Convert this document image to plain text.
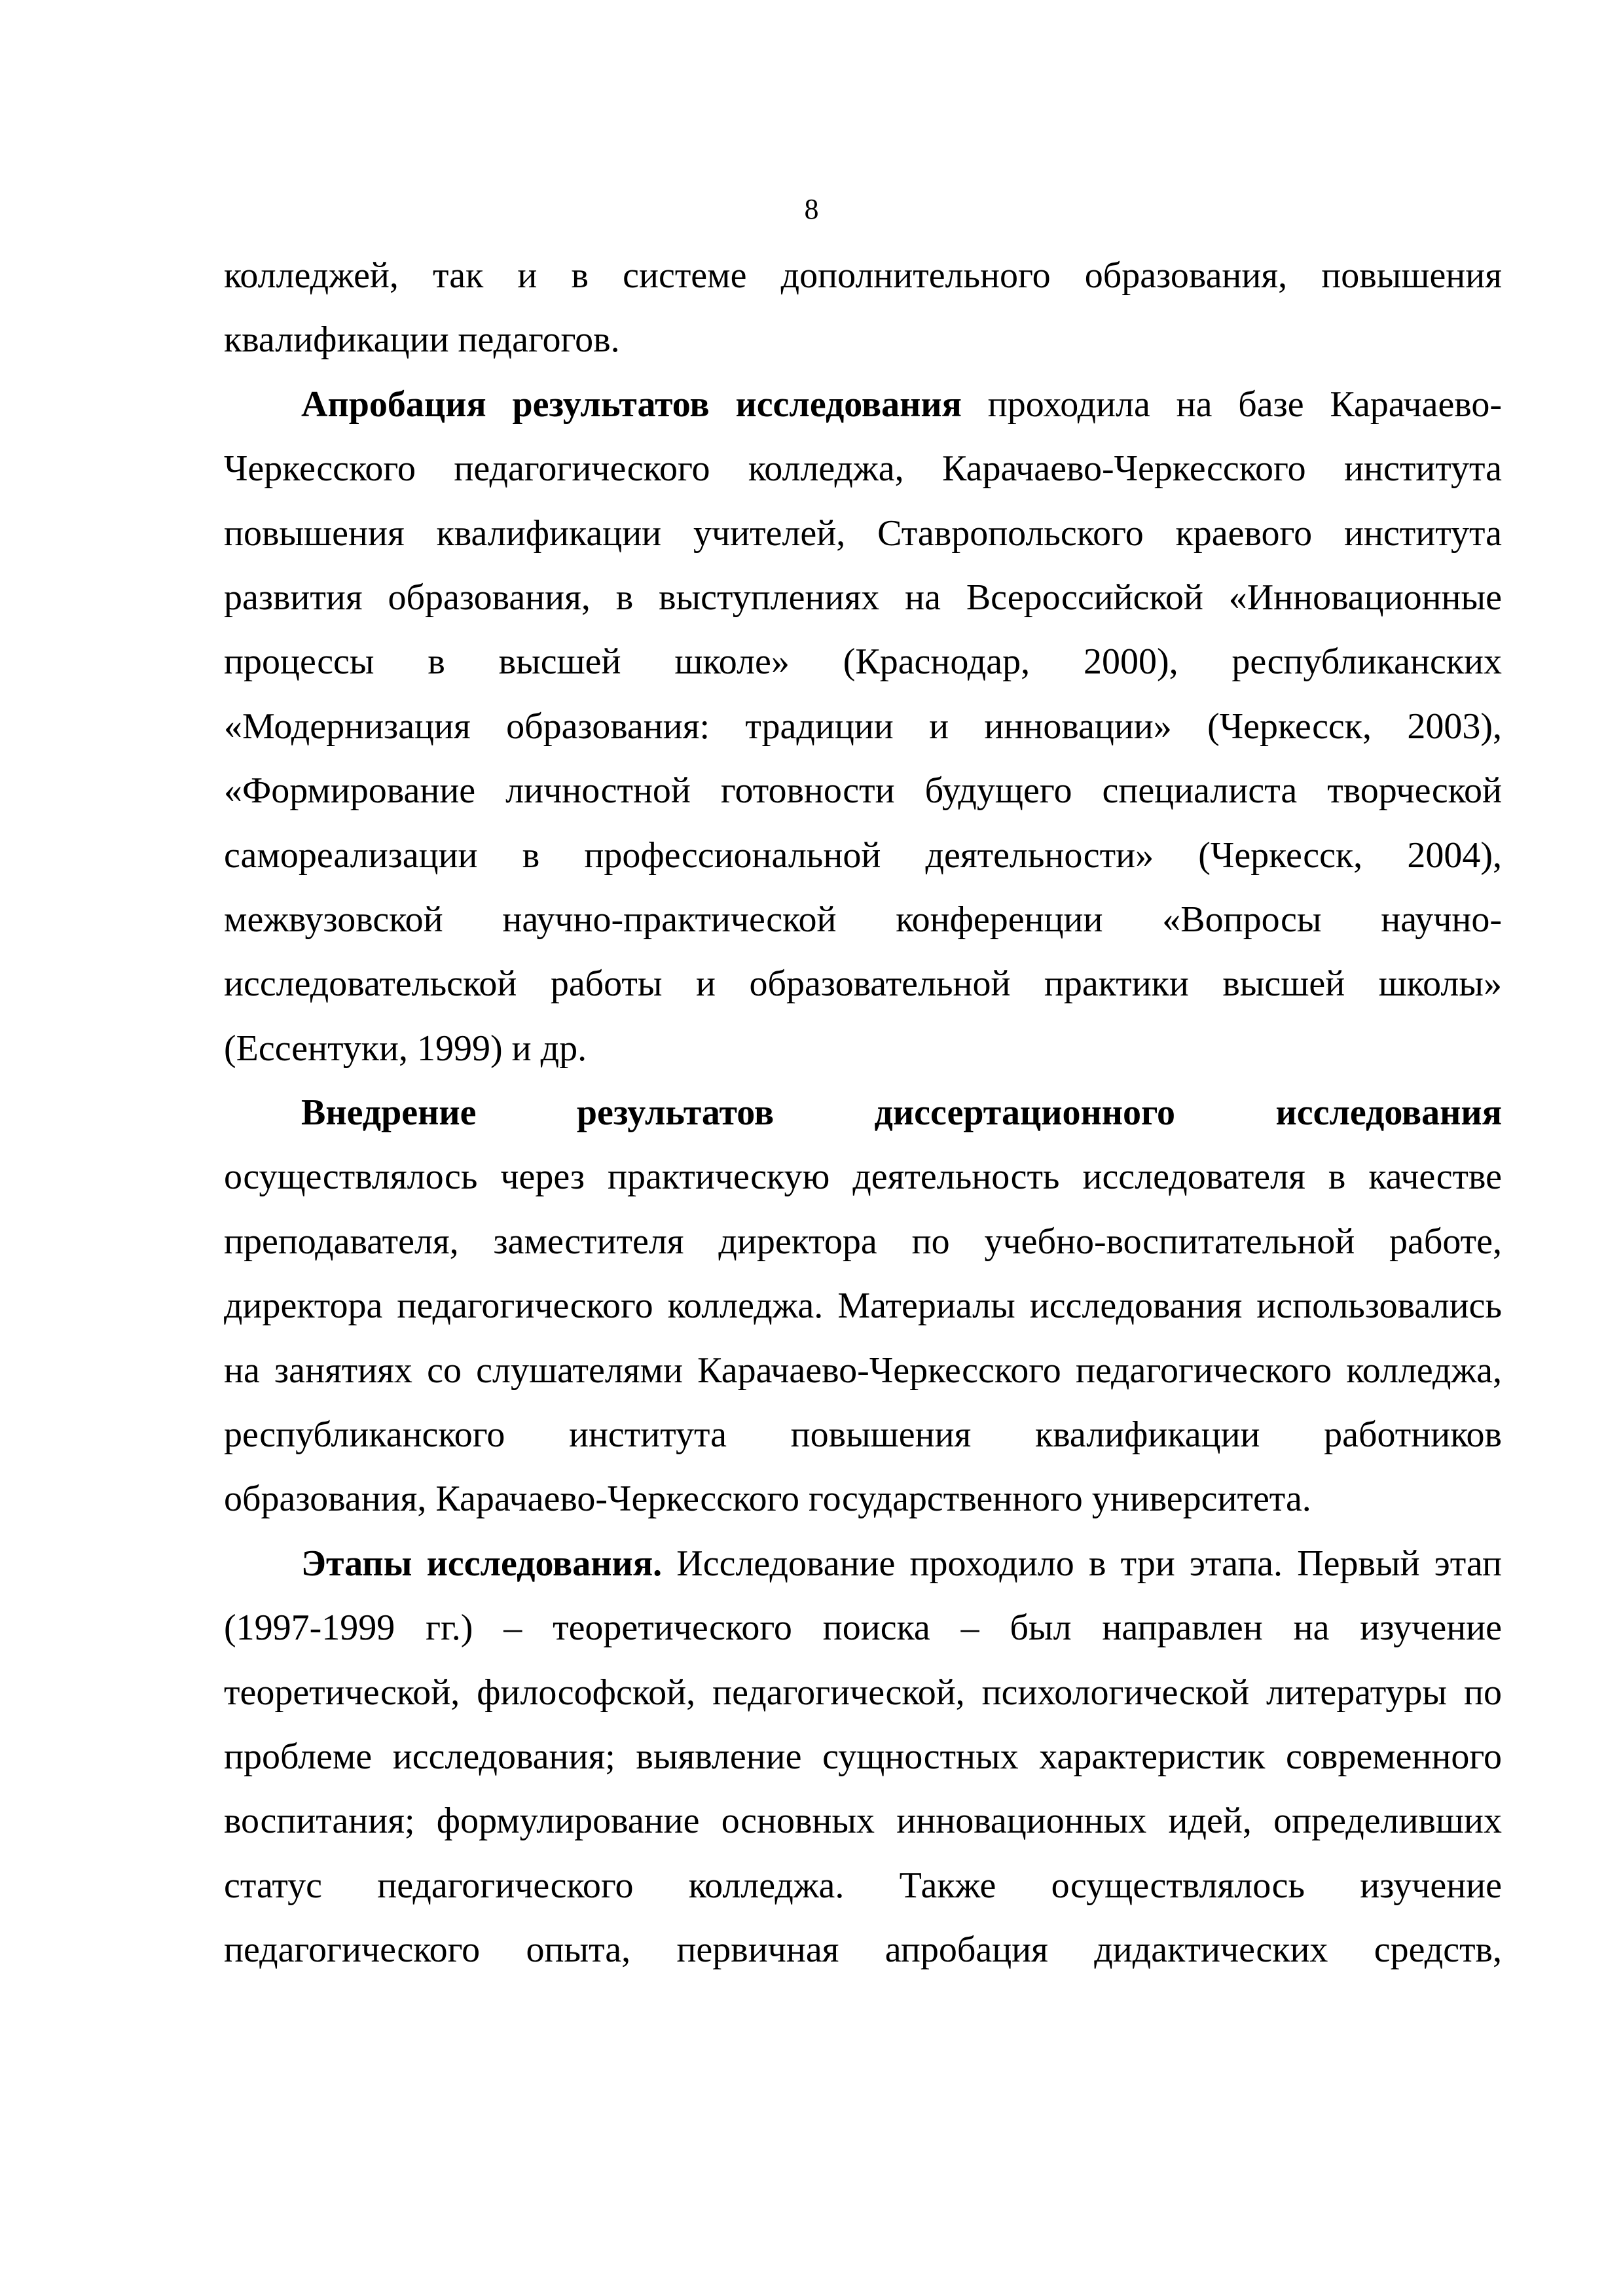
8
колледжей, так и в системе дополнительного образования, повышения
квалификации педагогов.
Апробация результатов исследования проходила на базе Карачаево-
Черкесского педагогического колледжа, Карачаево-Черкесского института
повышения квалификации учителей, Ставропольского краевого института
развития образования, в выступлениях на Всероссийской «Инновационные
процессы в высшей школе» (Краснодар, 2000), республиканских
«Модернизация образования: традиции и инновации» (Черкесск, 2003),
«Формирование личностной готовности будущего специалиста творческой
самореализации в профессиональной деятельности» (Черкесск, 2004),
межвузовской научно-практической конференции «Вопросы научно-
исследовательской работы и образовательной практики высшей школы»
(Ессентуки, 1999) и др.
Внедрение результатов диссертационного исследования
осуществлялось через практическую деятельность исследователя в качестве
преподавателя, заместителя директора по учебно-воспитательной работе,
директора педагогического колледжа. Материалы исследования использовались
на занятиях со слушателями Карачаево-Черкесского педагогического колледжа,
республиканского института повышения квалификации работников
образования, Карачаево-Черкесского государственного университета.
Этапы исследования. Исследование проходило в три этапа. Первый этап
(1997-1999 гг.) – теоретического поиска – был направлен на изучение
теоретической, философской, педагогической, психологической литературы по
проблеме исследования; выявление сущностных характеристик современного
воспитания; формулирование основных инновационных идей, определивших
статус педагогического колледжа. Также осуществлялось изучение
педагогического опыта, первичная апробация дидактических средств,
